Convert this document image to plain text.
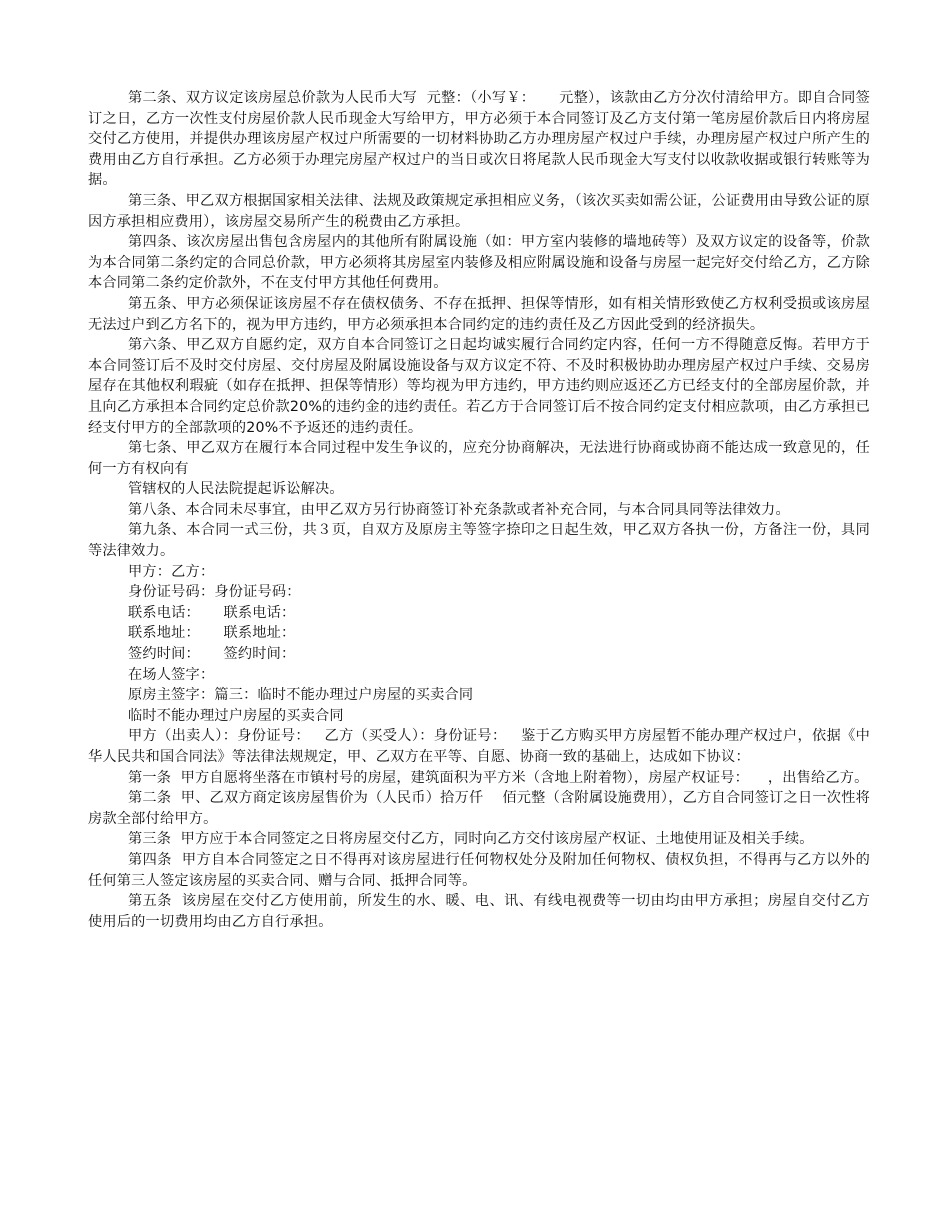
第二条、双方议定该房屋总价款为人民币大写  元整：（小写￥：     元整），该款由乙方分次付清给甲方。即自合同签订之日，乙方一次性支付房屋价款人民币现金大写给甲方，甲方必须于本合同签订及乙方支付第一笔房屋价款后日内将房屋交付乙方使用，并提供办理该房屋产权过户所需要的一切材料协助乙方办理房屋产权过户手续，办理房屋产权过户所产生的费用由乙方自行承担。乙方必须于办理完房屋产权过户的当日或次日将尾款人民币现金大写支付以收款收据或银行转账等为据。

第三条、甲乙双方根据国家相关法律、法规及政策规定承担相应义务，（该次买卖如需公证，公证费用由导致公证的原因方承担相应费用），该房屋交易所产生的税费由乙方承担。

第四条、该次房屋出售包含房屋内的其他所有附属设施（如：甲方室内装修的墙地砖等）及双方议定的设备等，价款为本合同第二条约定的合同总价款，甲方必须将其房屋室内装修及相应附属设施和设备与房屋一起完好交付给乙方，乙方除本合同第二条约定价款外，不在支付甲方其他任何费用。

第五条、甲方必须保证该房屋不存在债权债务、不存在抵押、担保等情形，如有相关情形致使乙方权利受损或该房屋无法过户到乙方名下的，视为甲方违约，甲方必须承担本合同约定的违约责任及乙方因此受到的经济损失。

第六条、甲乙双方自愿约定，双方自本合同签订之日起均诚实履行合同约定内容，任何一方不得随意反悔。若甲方于本合同签订后不及时交付房屋、交付房屋及附属设施设备与双方议定不符、不及时积极协助办理房屋产权过户手续、交易房屋存在其他权利瑕疵（如存在抵押、担保等情形）等均视为甲方违约，甲方违约则应返还乙方已经支付的全部房屋价款，并且向乙方承担本合同约定总价款20%的违约金的违约责任。若乙方于合同签订后不按合同约定支付相应款项，由乙方承担已经支付甲方的全部款项的20%不予返还的违约责任。

第七条、甲乙双方在履行本合同过程中发生争议的，应充分协商解决，无法进行协商或协商不能达成一致意见的，任何一方有权向有

管辖权的人民法院提起诉讼解决。

第八条、本合同未尽事宜，由甲乙双方另行协商签订补充条款或者补充合同，与本合同具同等法律效力。

第九条、本合同一式三份，共３页，自双方及原房主等签字捺印之日起生效，甲乙双方各执一份，方备注一份，具同等法律效力。

甲方：乙方：

身份证号码：身份证号码：

联系电话：     联系电话：

联系地址：     联系地址：

签约时间：     签约时间：

在场人签字：

原房主签字：篇三：临时不能办理过户房屋的买卖合同

临时不能办理过户房屋的买卖合同

甲方（出卖人）：身份证号：   乙方（买受人）：身份证号：   鉴于乙方购买甲方房屋暂不能办理产权过户，依据《中华人民共和国合同法》等法律法规规定，甲、乙双方在平等、自愿、协商一致的基础上，达成如下协议：

第一条  甲方自愿将坐落在市镇村号的房屋，建筑面积为平方米（含地上附着物），房屋产权证号：    ，出售给乙方。

第二条  甲、乙双方商定该房屋售价为（人民币）拾万仟    佰元整（含附属设施费用），乙方自合同签订之日一次性将房款全部付给甲方。

第三条  甲方应于本合同签定之日将房屋交付乙方，同时向乙方交付该房屋产权证、土地使用证及相关手续。

第四条  甲方自本合同签定之日不得再对该房屋进行任何物权处分及附加任何物权、债权负担，不得再与乙方以外的任何第三人签定该房屋的买卖合同、赠与合同、抵押合同等。

第五条  该房屋在交付乙方使用前，所发生的水、暖、电、讯、有线电视费等一切由均由甲方承担；房屋自交付乙方使用后的一切费用均由乙方自行承担。
